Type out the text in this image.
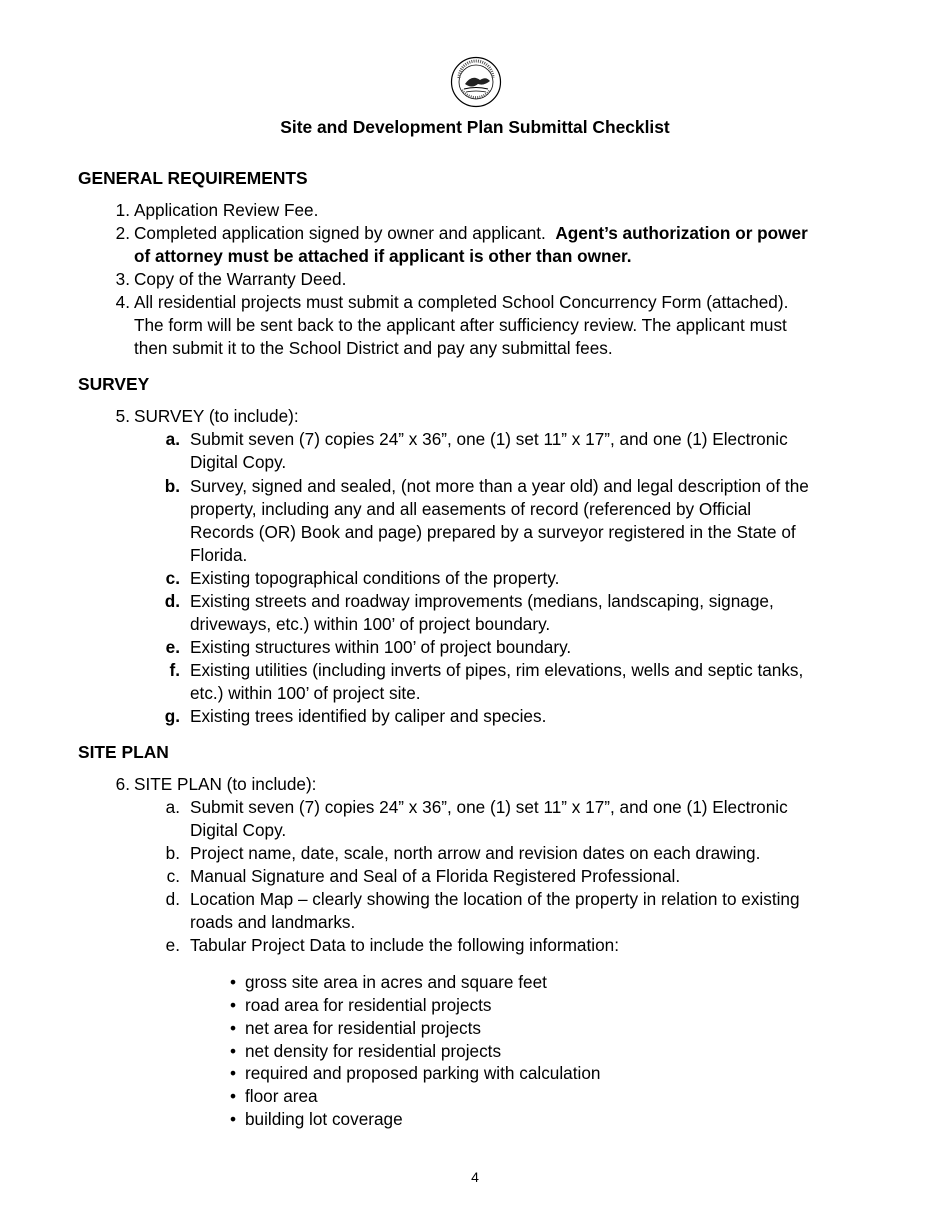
Site and Development Plan Submittal Checklist
GENERAL REQUIREMENTS
1. Application Review Fee.
2. Completed application signed by owner and applicant. Agent’s authorization or power
of attorney must be attached if applicant is other than owner.
3. Copy of the Warranty Deed.
4. All residential projects must submit a completed School Concurrency Form (attached).
The form will be sent back to the applicant after sufficiency review. The applicant must
then submit it to the School District and pay any submittal fees.
SURVEY
5. SURVEY (to include):
a. Submit seven (7) copies 24” x 36”, one (1) set 11” x 17”, and one (1) Electronic
Digital Copy.
b. Survey, signed and sealed, (not more than a year old) and legal description of the
property, including any and all easements of record (referenced by Official
Records (OR) Book and page) prepared by a surveyor registered in the State of
Florida.
c. Existing topographical conditions of the property.
d. Existing streets and roadway improvements (medians, landscaping, signage,
driveways, etc.) within 100’ of project boundary.
e. Existing structures within 100’ of project boundary.
f. Existing utilities (including inverts of pipes, rim elevations, wells and septic tanks,
etc.) within 100’ of project site.
g. Existing trees identified by caliper and species.
SITE PLAN
6. SITE PLAN (to include):
a. Submit seven (7) copies 24” x 36”, one (1) set 11” x 17”, and one (1) Electronic
Digital Copy.
b. Project name, date, scale, north arrow and revision dates on each drawing.
c. Manual Signature and Seal of a Florida Registered Professional.
d. Location Map – clearly showing the location of the property in relation to existing
roads and landmarks.
e. Tabular Project Data to include the following information:
• gross site area in acres and square feet
• road area for residential projects
• net area for residential projects
• net density for residential projects
• required and proposed parking with calculation
• floor area
• building lot coverage
4
